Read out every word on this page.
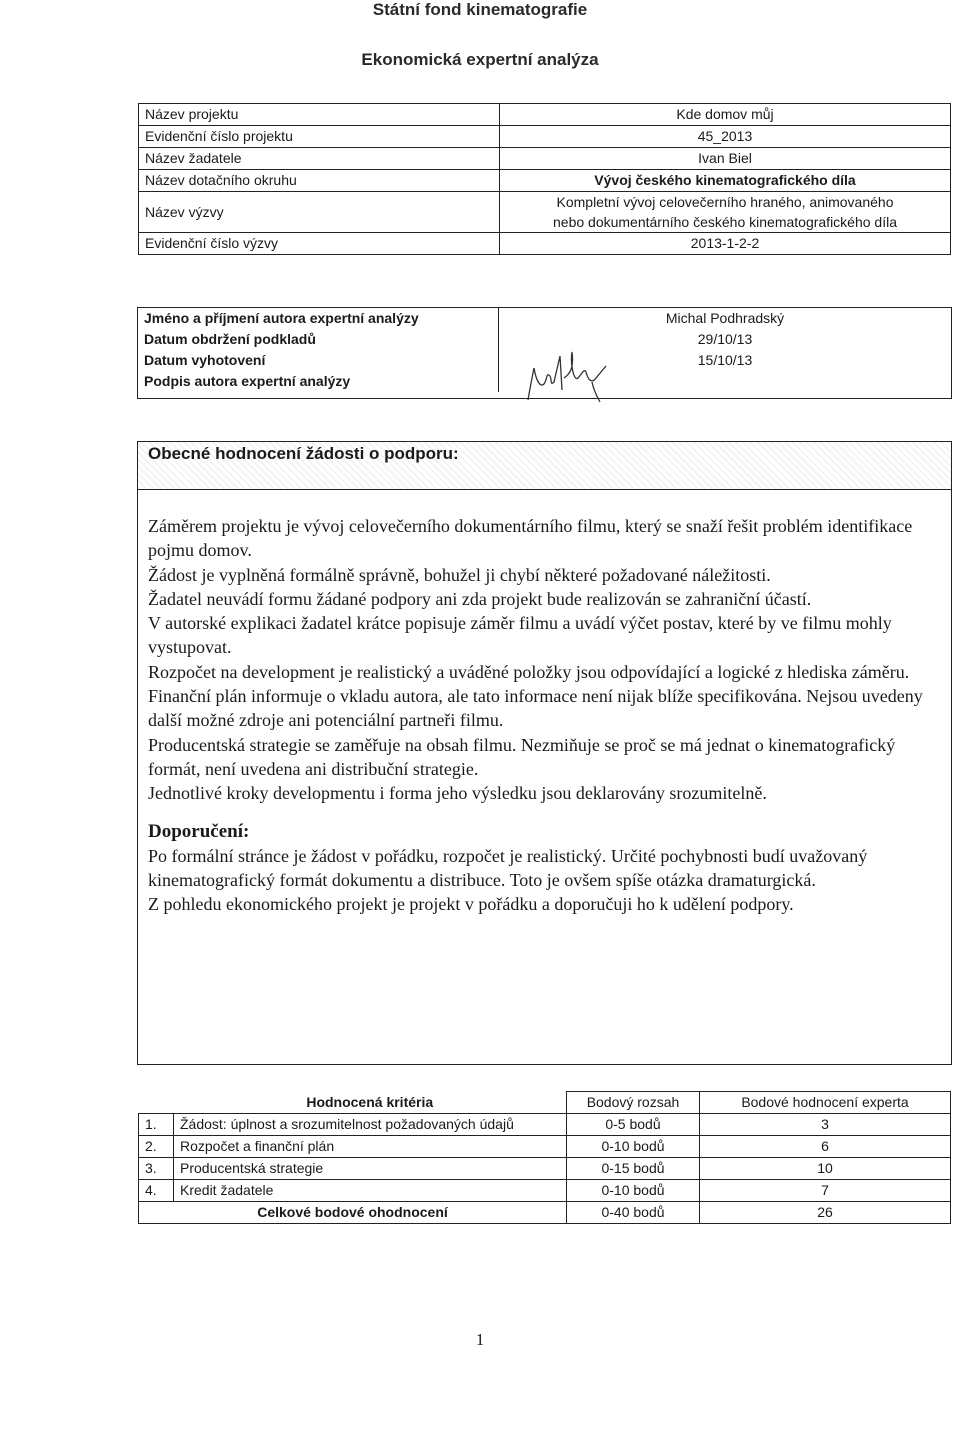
Státní fond kinematografie
Ekonomická expertní analýza
Název projektu	Kde domov můj
Evidenční číslo projektu	45_2013
Název žadatele	Ivan Biel
Název dotačního okruhu	Vývoj českého kinematografického díla
Název výzvy	Kompletní vývoj celovečerního hraného, animovaného
nebo dokumentárního českého kinematografického díla

Evidenční číslo výzvy	2013-1-2-2
Jméno a příjmení autora expertní analýzy	Michal Podhradský
Datum obdržení podkladů	29/10/13
Datum vyhotovení	15/10/13
Podpis autora expertní analýzy	
Obecné hodnocení žádosti o podporu:

Záměrem projektu je vývoj celovečerního dokumentárního filmu, který se snaží řešit problém identifikace pojmu domov.

Žádost je vyplněná formálně správně, bohužel ji chybí některé požadované náležitosti.

Žadatel neuvádí formu žádané podpory ani zda projekt bude realizován se zahraniční účastí.

V autorské explikaci žadatel krátce popisuje záměr filmu a uvádí výčet postav, které by ve filmu mohly vystupovat.

Rozpočet na development je realistický a uváděné položky jsou odpovídající a logické z hlediska záměru.

Finanční plán informuje o vkladu autora, ale tato informace není nijak blíže specifikována. Nejsou uvedeny další možné zdroje ani potenciální partneři filmu.

Producentská strategie se zaměřuje na obsah filmu. Nezmiňuje se proč se má jednat o kinematografický formát, není uvedena ani distribuční strategie.

Jednotlivé kroky developmentu i forma jeho výsledku jsou deklarovány srozumitelně.

Doporučení:

Po formální stránce je žádost v pořádku, rozpočet je realistický. Určité pochybnosti budí uvažovaný kinematografický formát dokumentu a distribuce. Toto je ovšem spíše otázka dramaturgická.

Z pohledu ekonomického projekt je projekt v pořádku a doporučuji ho k udělení podpory.

	Hodnocená kritéria	Bodový rozsah	Bodové hodnocení experta
1.	Žádost: úplnost a srozumitelnost požadovaných údajů	0-5 bodů	3
2.	Rozpočet a finanční plán	0-10 bodů	6
3.	Producentská strategie	0-15 bodů	10
4.	Kredit žadatele	0-10 bodů	7
Celkové bodové ohodnocení		0-40 bodů	26
1
